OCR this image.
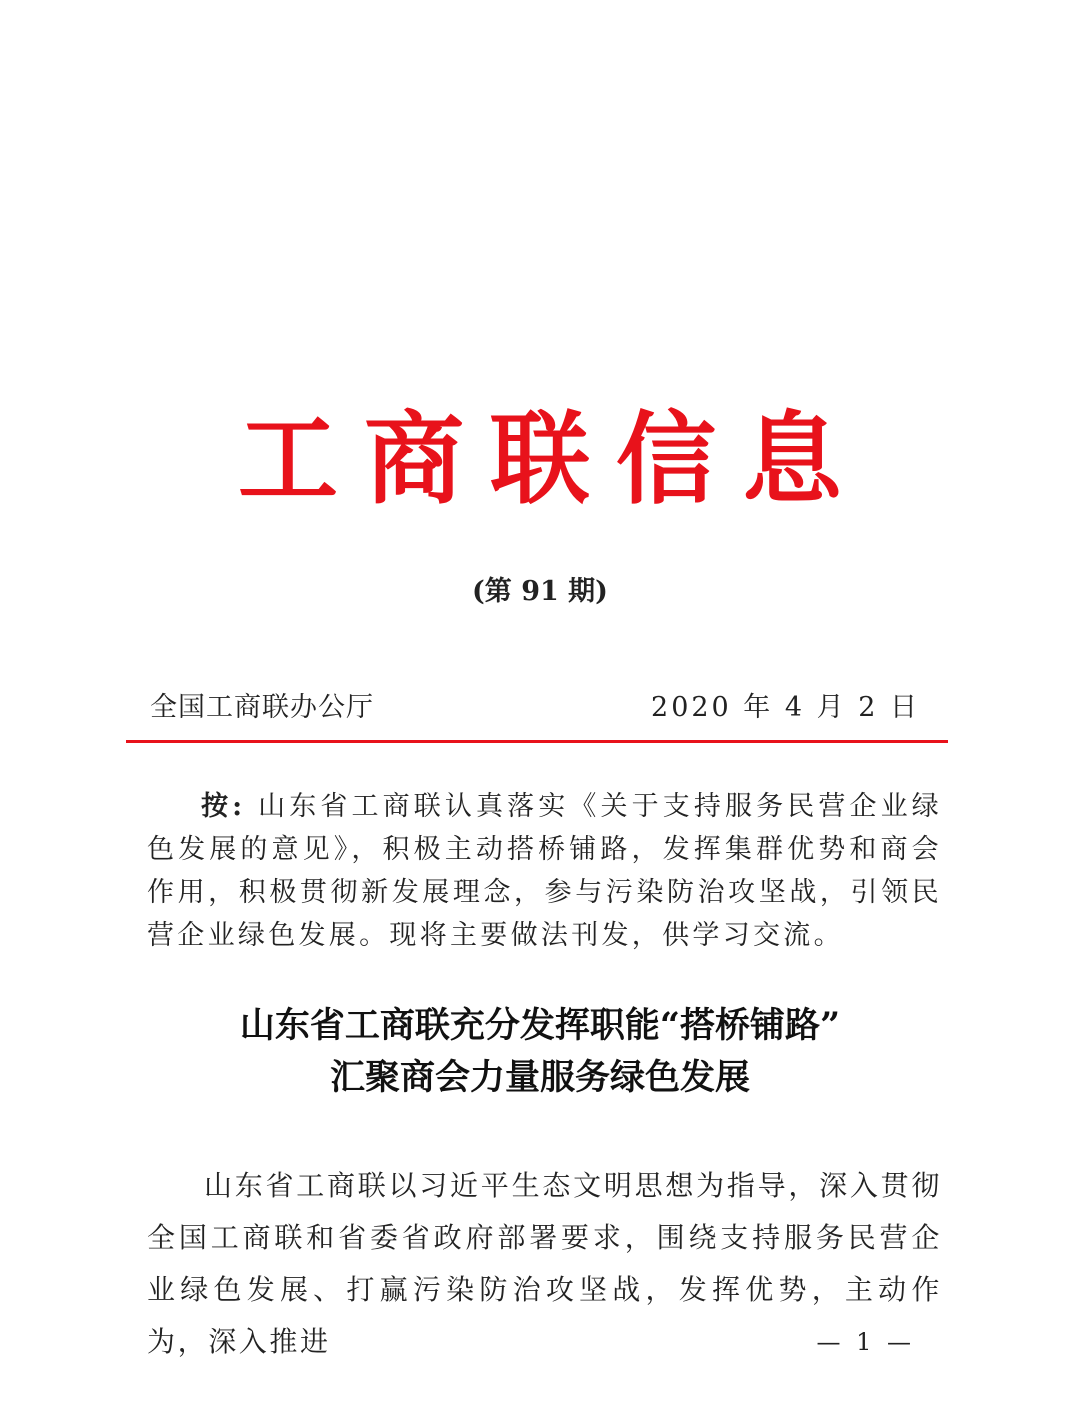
工商联信息
(第 91 期)
全国工商联办公厅	2020 年 4 月 2 日
按: 山东省工商联认真落实《关于支持服务民营企业绿色发展的意见》，积极主动搭桥铺路，发挥集群优势和商会作用，积极贯彻新发展理念，参与污染防治攻坚战，引领民营企业绿色发展。现将主要做法刊发，供学习交流。
山东省工商联充分发挥职能“搭桥铺路”
汇聚商会力量服务绿色发展
山东省工商联以习近平生态文明思想为指导，深入贯彻全国工商联和省委省政府部署要求，围绕支持服务民营企业绿色发展、打赢污染防治攻坚战，发挥优势，主动作为，深入推进	— 1 —
